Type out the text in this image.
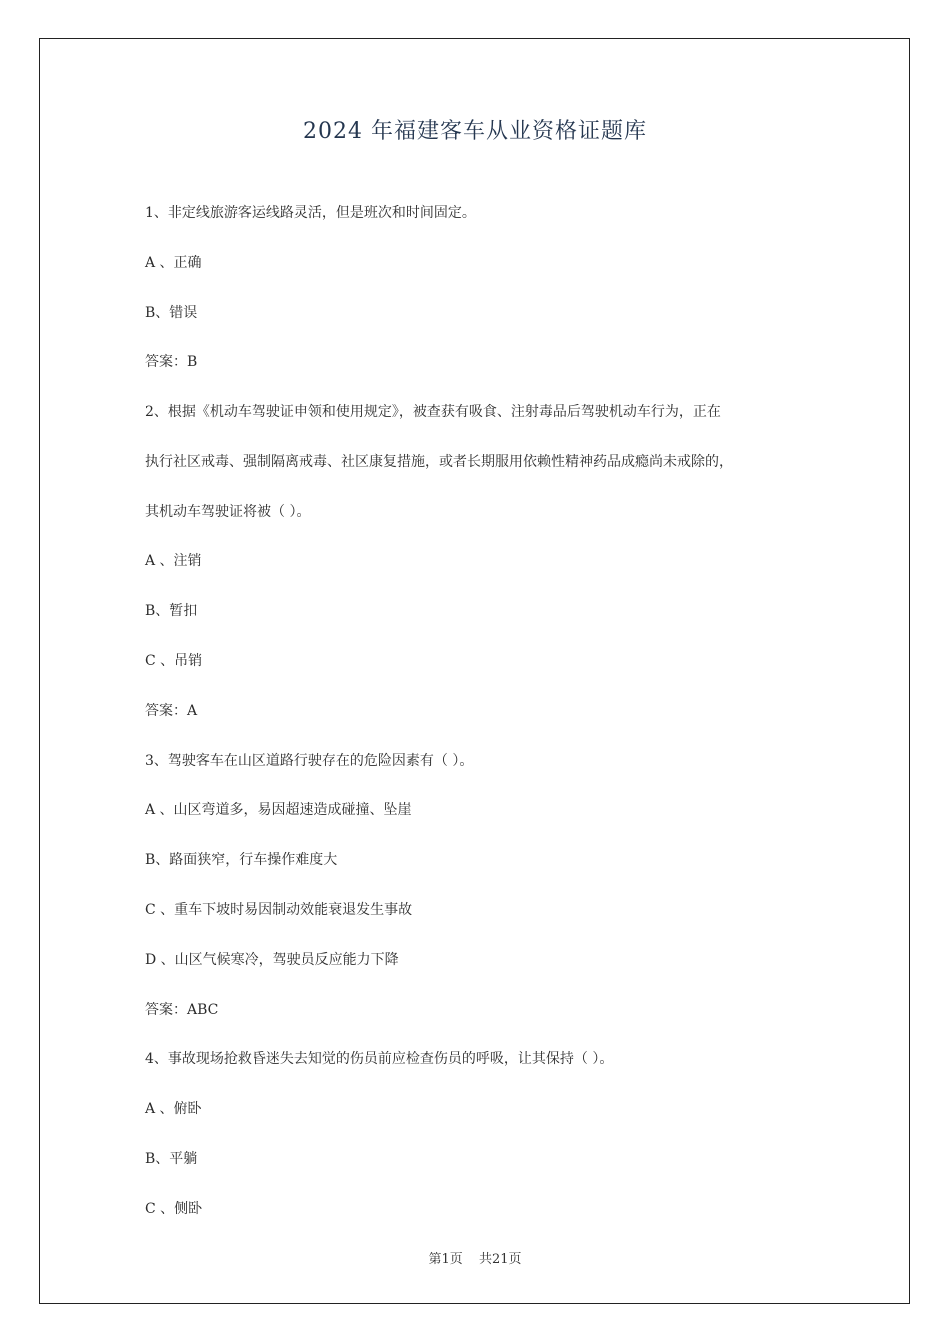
2024 年福建客车从业资格证题库

1、非定线旅游客运线路灵活，但是班次和时间固定。

A 、正确

B、错误

答案：B

2、根据《机动车驾驶证申领和使用规定》，被查获有吸食、注射毒品后驾驶机动车行为，正在

执行社区戒毒、强制隔离戒毒、社区康复措施，或者长期服用依赖性精神药品成瘾尚未戒除的，

其机动车驾驶证将被（ ）。

A 、注销

B、暂扣

C 、吊销

答案：A

3、驾驶客车在山区道路行驶存在的危险因素有（ ）。

A 、山区弯道多，易因超速造成碰撞、坠崖

B、路面狭窄，行车操作难度大

C 、重车下坡时易因制动效能衰退发生事故

D 、山区气候寒冷，驾驶员反应能力下降

答案：ABC

4、事故现场抢救昏迷失去知觉的伤员前应检查伤员的呼吸，让其保持（ ）。

A 、俯卧

B、平躺

C 、侧卧

第1页 共21页
